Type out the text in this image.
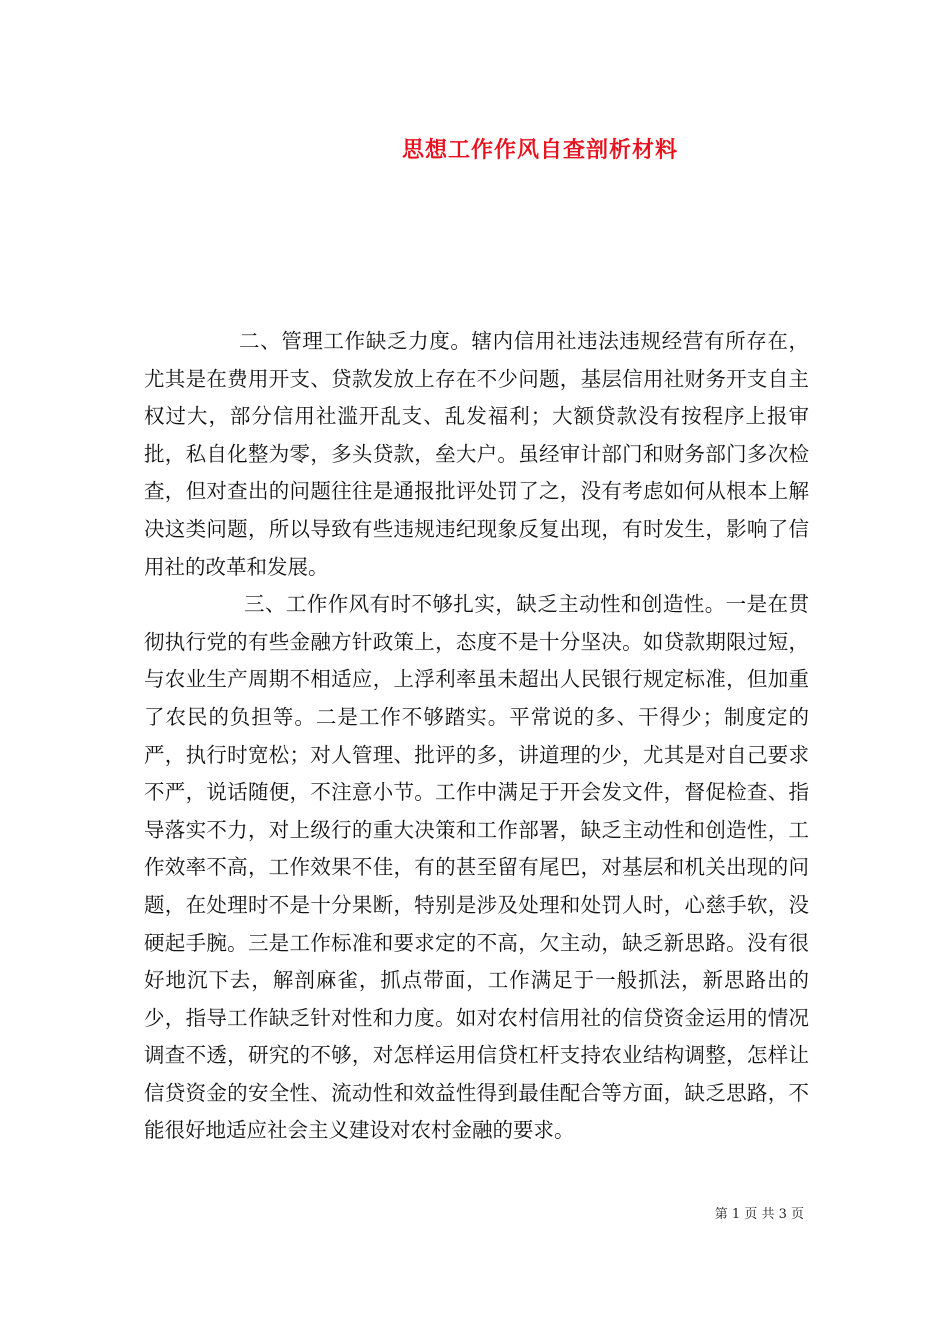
思想工作作风自查剖析材料

二、管理工作缺乏力度。辖内信用社违法违规经营有所存在，尤其是在费用开支、贷款发放上存在不少问题，基层信用社财务开支自主权过大，部分信用社滥开乱支、乱发福利；大额贷款没有按程序上报审批，私自化整为零，多头贷款，垒大户。虽经审计部门和财务部门多次检查，但对查出的问题往往是通报批评处罚了之，没有考虑如何从根本上解决这类问题，所以导致有些违规违纪现象反复出现，有时发生，影响了信用社的改革和发展。

三、工作作风有时不够扎实，缺乏主动性和创造性。一是在贯彻执行党的有些金融方针政策上，态度不是十分坚决。如贷款期限过短，与农业生产周期不相适应，上浮利率虽未超出人民银行规定标准，但加重了农民的负担等。二是工作不够踏实。平常说的多、干得少；制度定的严，执行时宽松；对人管理、批评的多，讲道理的少，尤其是对自己要求不严，说话随便，不注意小节。工作中满足于开会发文件，督促检查、指导落实不力，对上级行的重大决策和工作部署，缺乏主动性和创造性，工作效率不高，工作效果不佳，有的甚至留有尾巴，对基层和机关出现的问题，在处理时不是十分果断，特别是涉及处理和处罚人时，心慈手软，没硬起手腕。三是工作标准和要求定的不高，欠主动，缺乏新思路。没有很好地沉下去，解剖麻雀，抓点带面，工作满足于一般抓法，新思路出的少，指导工作缺乏针对性和力度。如对农村信用社的信贷资金运用的情况调查不透，研究的不够，对怎样运用信贷杠杆支持农业结构调整，怎样让信贷资金的安全性、流动性和效益性得到最佳配合等方面，缺乏思路，不能很好地适应社会主义建设对农村金融的要求。

第 1 页 共 3 页
